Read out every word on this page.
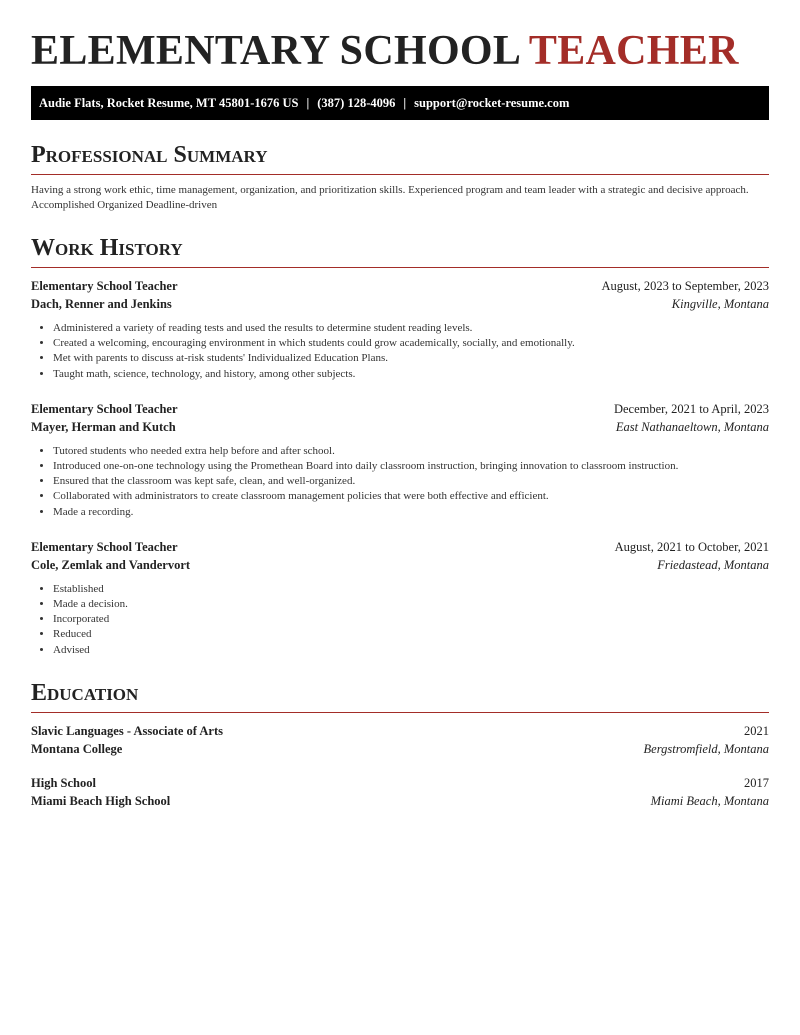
ELEMENTARY SCHOOL TEACHER
Audie Flats, Rocket Resume, MT 45801-1676 US | (387) 128-4096 | support@rocket-resume.com
Professional Summary

Having a strong work ethic, time management, organization, and prioritization skills. Experienced program and team leader with a strategic and decisive approach. Accomplished Organized Deadline-driven

Work History
Elementary School Teacher	August, 2023 to September, 2023
Dach, Renner and Jenkins	Kingville, Montana
• Administered a variety of reading tests and used the results to determine student reading levels.
• Created a welcoming, encouraging environment in which students could grow academically, socially, and emotionally.
• Met with parents to discuss at-risk students' Individualized Education Plans.
• Taught math, science, technology, and history, among other subjects.
Elementary School Teacher	December, 2021 to April, 2023
Mayer, Herman and Kutch	East Nathanaeltown, Montana
• Tutored students who needed extra help before and after school.
• Introduced one-on-one technology using the Promethean Board into daily classroom instruction, bringing innovation to classroom instruction.
• Ensured that the classroom was kept safe, clean, and well-organized.
• Collaborated with administrators to create classroom management policies that were both effective and efficient.
• Made a recording.
Elementary School Teacher	August, 2021 to October, 2021
Cole, Zemlak and Vandervort	Friedastead, Montana
• Established
• Made a decision.
• Incorporated
• Reduced
• Advised
Education
Slavic Languages - Associate of Arts	2021
Montana College	Bergstromfield, Montana
High School	2017
Miami Beach High School	Miami Beach, Montana
